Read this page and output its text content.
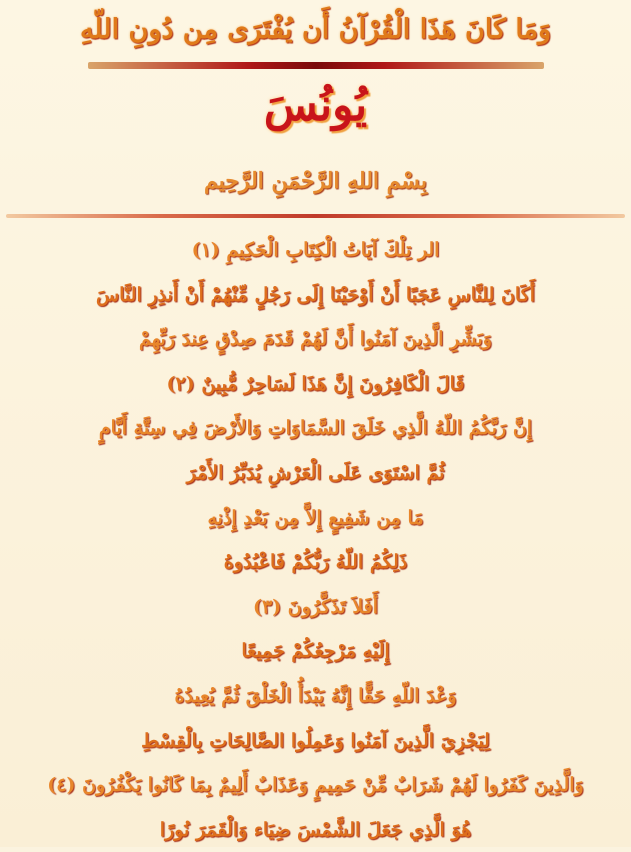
وَمَا كَانَ هَذَا الْقُرْآنُ أَن يُفْتَرَى مِن دُونِ اللّهِ
يُونُسَ
بِسْمِ اللهِ الرَّحْمَنِ الرَّحِيم
الر تِلْكَ آيَاتُ الْكِتَابِ الْحَكِيمِ (١)
أَكَانَ لِلنَّاسِ عَجَبًا أَنْ أَوْحَيْنَا إِلَى رَجُلٍ مِّنْهُمْ أَنْ أَنذِرِ النَّاسَ
وَبَشِّرِ الَّذِينَ آمَنُوا أَنَّ لَهُمْ قَدَمَ صِدْقٍ عِندَ رَبِّهِمْ
قَالَ الْكَافِرُونَ إِنَّ هَذَا لَسَاحِرٌ مُّبِينٌ (٢)
إِنَّ رَبَّكُمُ اللّهُ الَّذِي خَلَقَ السَّمَاوَاتِ وَالأَرْضَ فِي سِتَّةِ أَيَّامٍ
ثُمَّ اسْتَوَى عَلَى الْعَرْشِ يُدَبِّرُ الأَمْرَ
مَا مِن شَفِيعٍ إِلاَّ مِن بَعْدِ إِذْنِهِ
ذَلِكُمُ اللّهُ رَبُّكُمْ فَاعْبُدُوهُ
أَفَلاَ تَذَكَّرُونَ (٣)
إِلَيْهِ مَرْجِعُكُمْ جَمِيعًا
وَعْدَ اللّهِ حَقًّا إِنَّهُ يَبْدَأُ الْخَلْقَ ثُمَّ يُعِيدُهُ
لِيَجْزِيَ الَّذِينَ آمَنُوا وَعَمِلُوا الصَّالِحَاتِ بِالْقِسْطِ
وَالَّذِينَ كَفَرُوا لَهُمْ شَرَابٌ مِّنْ حَمِيمٍ وَعَذَابٌ أَلِيمٌ بِمَا كَانُوا يَكْفُرُونَ (٤)
هُوَ الَّذِي جَعَلَ الشَّمْسَ ضِيَاء وَالْقَمَرَ نُورًا
